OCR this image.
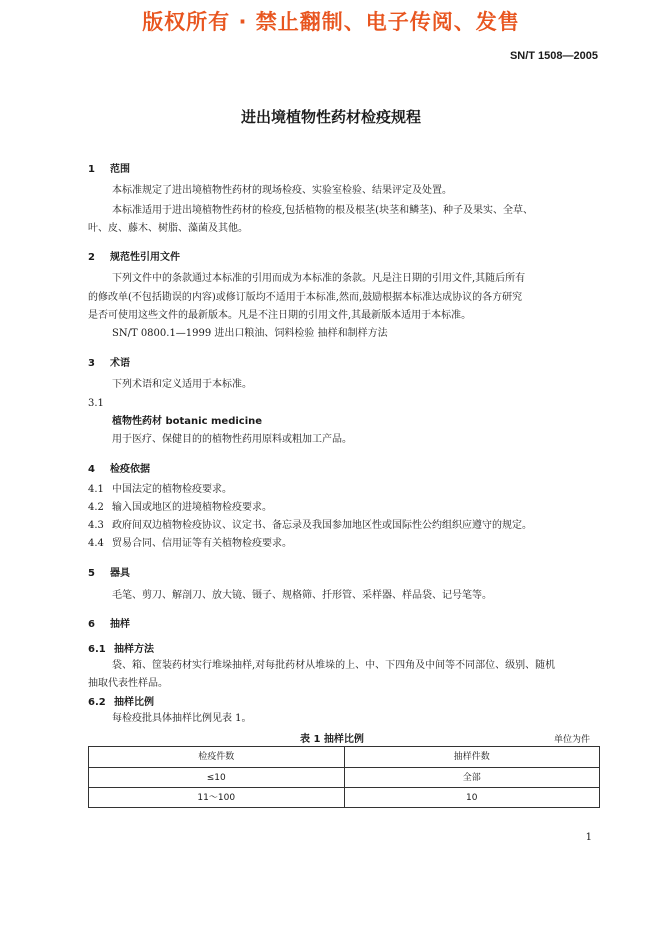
版权所有 · 禁止翻制、电子传阅、发售
SN/T 1508—2005
进出境植物性药材检疫规程
1 范围
本标准规定了进出境植物性药材的现场检疫、实验室检验、结果评定及处置。
本标准适用于进出境植物性药材的检疫,包括植物的根及根茎(块茎和鳞茎)、种子及果实、全草、
叶、皮、藤木、树脂、藻菌及其他。
2 规范性引用文件
下列文件中的条款通过本标准的引用而成为本标准的条款。凡是注日期的引用文件,其随后所有
的修改单(不包括勘误的内容)或修订版均不适用于本标准,然而,鼓励根据本标准达成协议的各方研究
是否可使用这些文件的最新版本。凡是不注日期的引用文件,其最新版本适用于本标准。
SN/T 0800.1—1999 进出口粮油、饲料检验 抽样和制样方法
3 术语
下列术语和定义适用于本标准。
3.1
植物性药材 botanic medicine
用于医疗、保健目的的植物性药用原料或粗加工产品。
4 检疫依据
4.1 中国法定的植物检疫要求。
4.2 输入国或地区的进境植物检疫要求。
4.3 政府间双边植物检疫协议、议定书、备忘录及我国参加地区性或国际性公约组织应遵守的规定。
4.4 贸易合同、信用证等有关植物检疫要求。
5 器具
毛笔、剪刀、解剖刀、放大镜、镊子、规格筛、扦形管、采样器、样品袋、记号笔等。
6 抽样
6.1 抽样方法
袋、箱、筐装药材实行堆垛抽样,对每批药材从堆垛的上、中、下四角及中间等不同部位、级别、随机
抽取代表性样品。
6.2 抽样比例
每检疫批具体抽样比例见表 1。
表 1 抽样比例	单位为件
检疫件数	抽样件数
≤10	全部
11～100	10
1
